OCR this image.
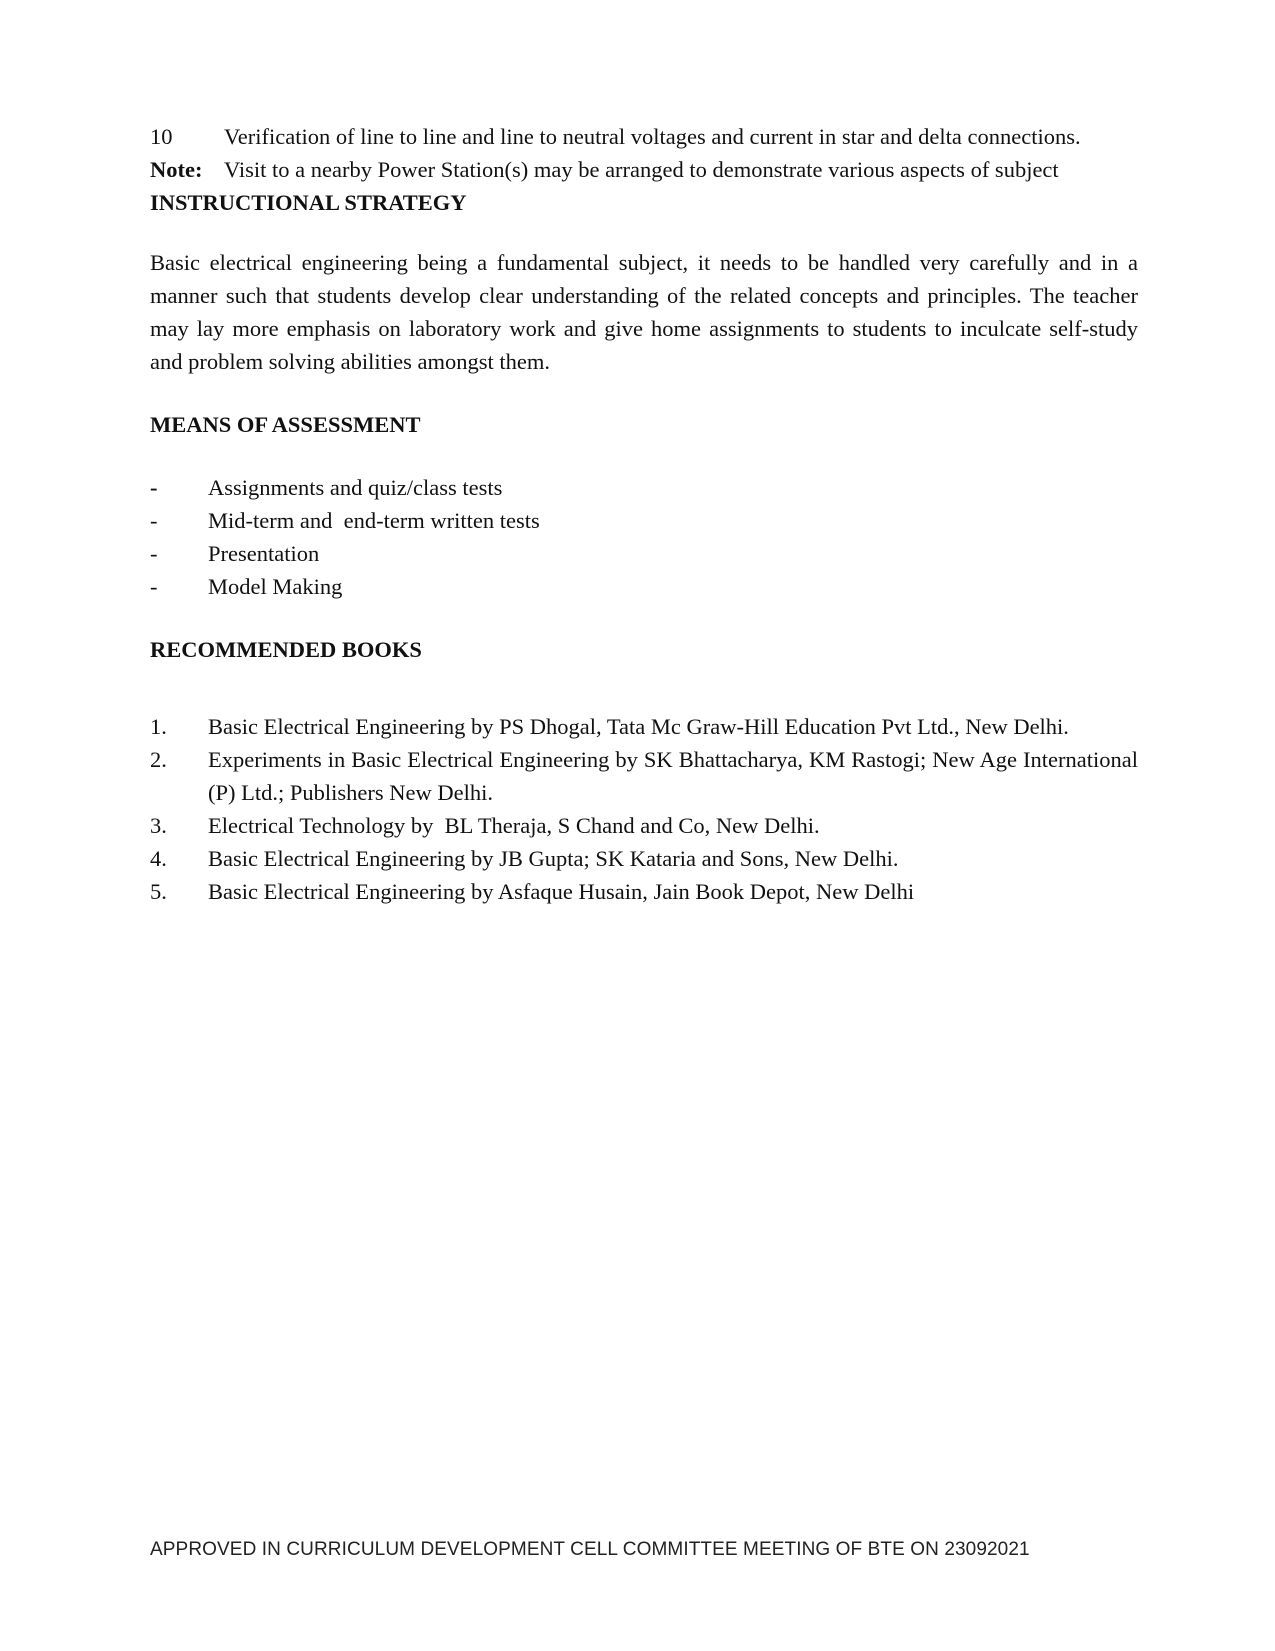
10	Verification of line to line and line to neutral voltages and current in star and delta connections.
Note: Visit to a nearby Power Station(s) may be arranged to demonstrate various aspects of subject

INSTRUCTIONAL STRATEGY

Basic electrical engineering being a fundamental subject, it needs to be handled very carefully and in a manner such that students develop clear understanding of the related concepts and principles. The teacher may lay more emphasis on laboratory work and give home assignments to students to inculcate self-study and problem solving abilities amongst them.

MEANS OF ASSESSMENT

-	Assignments and quiz/class tests
-	Mid-term and  end-term written tests
-	Presentation
-	Model Making

RECOMMENDED BOOKS

1.	Basic Electrical Engineering by PS Dhogal, Tata Mc Graw-Hill Education Pvt Ltd., New Delhi.
2.	Experiments in Basic Electrical Engineering by SK Bhattacharya, KM Rastogi; New Age International (P) Ltd.; Publishers New Delhi.
3.	Electrical Technology by  BL Theraja, S Chand and Co, New Delhi.
4.	Basic Electrical Engineering by JB Gupta; SK Kataria and Sons, New Delhi.
5.	Basic Electrical Engineering by Asfaque Husain, Jain Book Depot, New Delhi
APPROVED IN CURRICULUM DEVELOPMENT CELL COMMITTEE MEETING OF BTE ON 23092021
